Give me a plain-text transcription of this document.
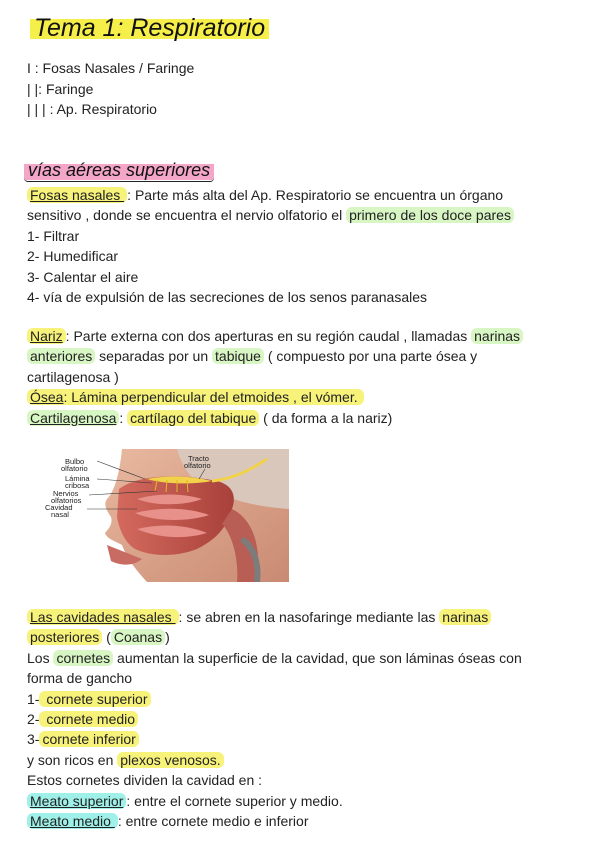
Tema 1: Respiratorio
I : Fosas Nasales / Faringe
| |: Faringe
| | | : Ap. Respiratorio
vías aéreas superiores
Fosas nasales : Parte más alta del Ap. Respiratorio se encuentra un órgano
sensitivo , donde se encuentra el nervio olfatorio el primero de los doce pares
1- Filtrar
2- Humedificar
3- Calentar el aire
4- vía de expulsión de las secreciones de los senos paranasales
Nariz : Parte externa con dos aperturas en su región caudal , llamadas narinas
anteriores separadas por un tabique ( compuesto por una parte ósea y
cartilagenosa )
Ósea: Lámina perpendicular del etmoides , el vómer.
Cartilagenosa : cartílago del tabique ( da forma a la nariz)
Bulbo
olfatorio
Lámina
cribosa
Nervios
olfatorios
Cavidad
nasal
Tracto
olfatorio
Las cavidades nasales : se abren en la nasofaringe mediante las narinas
posteriores ( Coanas )
Los cornetes aumentan la superficie de la cavidad, que son láminas óseas con
forma de gancho
1- cornete superior
2- cornete medio
3- cornete inferior
y son ricos en plexos venosos.
Estos cornetes dividen la cavidad en :
Meato superior : entre el cornete superior y medio.
Meato medio : entre cornete medio e inferior
